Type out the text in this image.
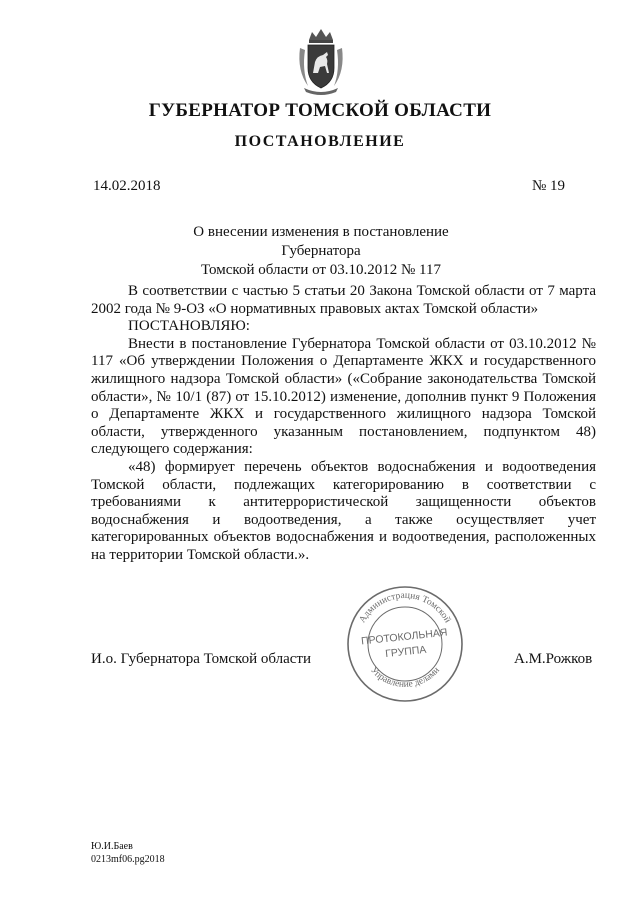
ГУБЕРНАТОР ТОМСКОЙ ОБЛАСТИ
ПОСТАНОВЛЕНИЕ
14.02.2018	№ 19
О внесении изменения в постановление Губернатора
Томской области от 03.10.2012 № 117

В соответствии с частью 5 статьи 20 Закона Томской области от 7 марта 2002 года № 9-ОЗ «О нормативных правовых актах Томской области»

ПОСТАНОВЛЯЮ:

Внести в постановление Губернатора Томской области от 03.10.2012 № 117 «Об утверждении Положения о Департаменте ЖКХ и государственного жилищного надзора Томской области» («Собрание законодательства Томской области», № 10/1 (87) от 15.10.2012) изменение, дополнив пункт 9 Положения о Департаменте ЖКХ и государственного жилищного надзора Томской области, утвержденного указанным постановлением, подпунктом 48) следующего содержания:

«48) формирует перечень объектов водоснабжения и водоотведения Томской области, подлежащих категорированию в соответствии с требованиями к антитеррористической защищенности объектов водоснабжения и водоотведения, а также осуществляет учет категорированных объектов водоснабжения и водоотведения, расположенных на территории Томской области.».

Администрация Томской
Управление делами
ПРОТОКОЛЬНАЯ
ГРУППА
И.о. Губернатора Томской области	А.М.Рожков
Ю.И.Баев
0213mf06.pg2018
